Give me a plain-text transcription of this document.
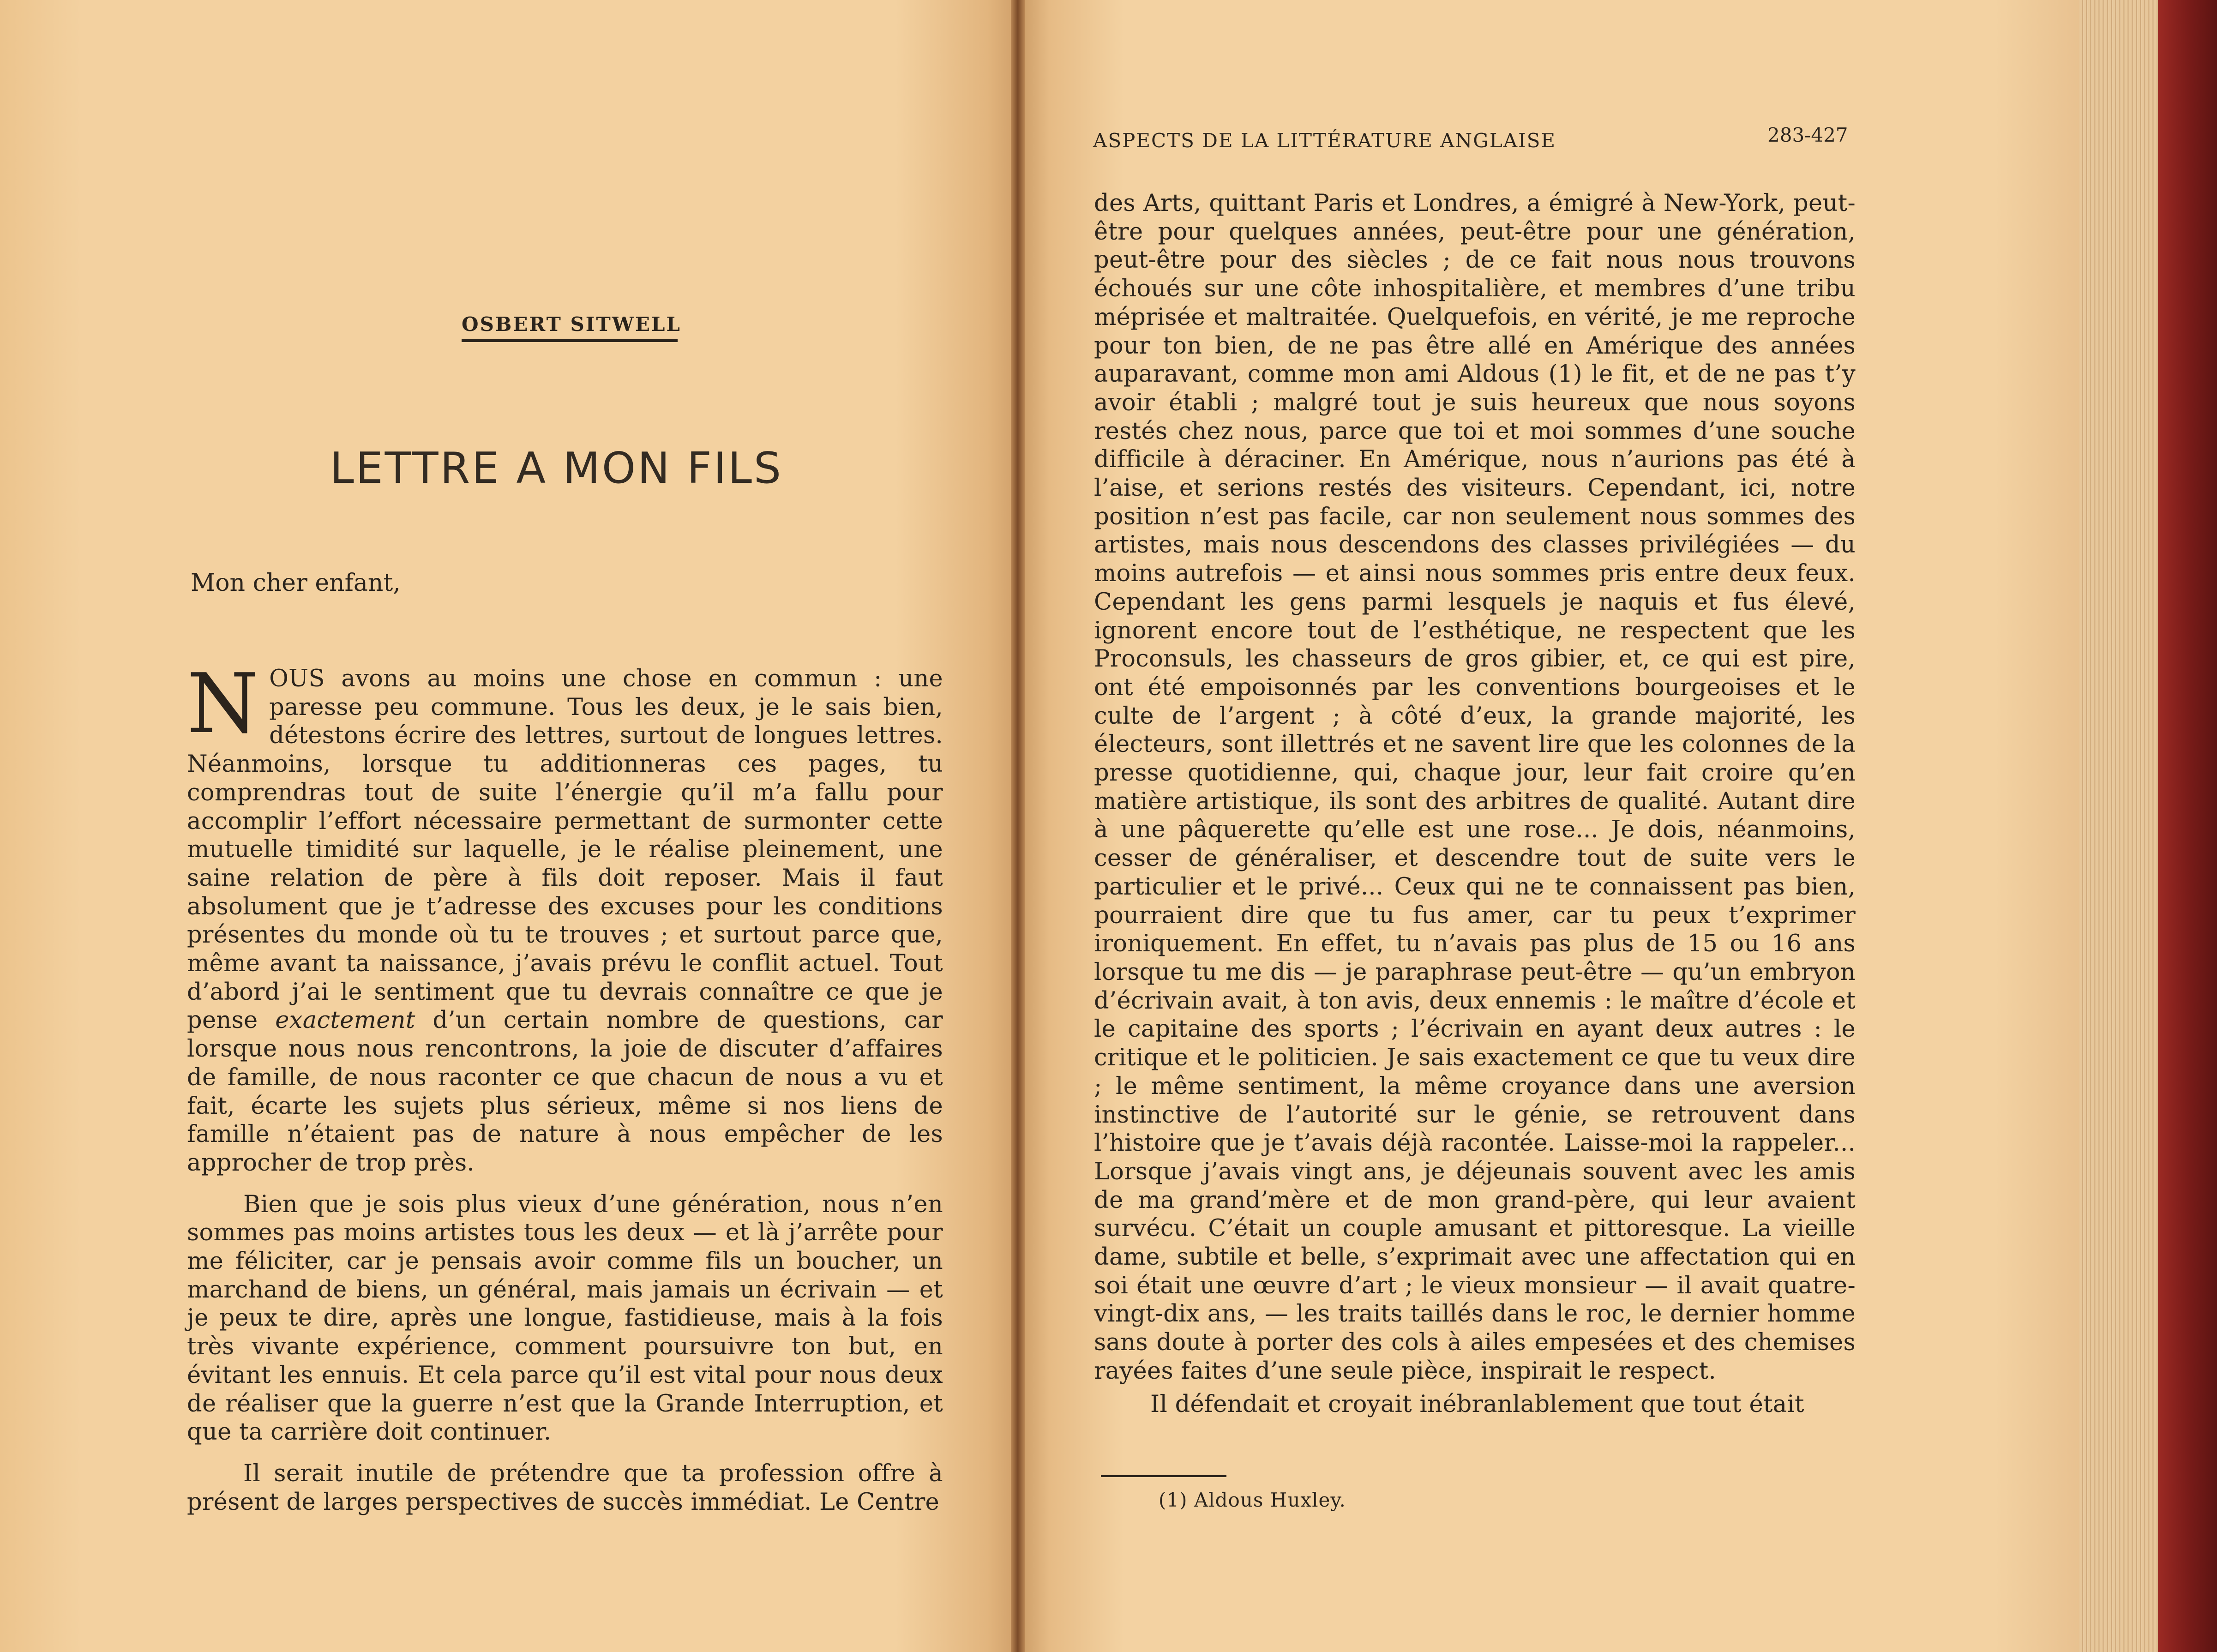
OSBERT SITWELL
LETTRE A MON FILS
Mon cher enfant,

NOUS avons au moins une chose en commun : une paresse peu commune. Tous les deux, je le sais bien, détestons écrire des lettres, surtout de longues lettres. Néanmoins, lorsque tu additionneras ces pages, tu comprendras tout de suite l’énergie qu’il m’a fallu pour accomplir l’effort nécessaire permettant de surmonter cette mutuelle timidité sur laquelle, je le réalise pleinement, une saine relation de père à fils doit reposer. Mais il faut absolument que je t’adresse des excuses pour les conditions présentes du monde où tu te trouves ; et surtout parce que, même avant ta naissance, j’avais prévu le conflit actuel. Tout d’abord j’ai le sentiment que tu devrais connaître ce que je pense exactement d’un certain nombre de questions, car lorsque nous nous rencontrons, la joie de discuter d’affaires de famille, de nous raconter ce que chacun de nous a vu et fait, écarte les sujets plus sérieux, même si nos liens de famille n’étaient pas de nature à nous empêcher de les approcher de trop près.

Bien que je sois plus vieux d’une génération, nous n’en sommes pas moins artistes tous les deux — et là j’arrête pour me féliciter, car je pensais avoir comme fils un boucher, un marchand de biens, un général, mais jamais un écrivain — et je peux te dire, après une longue, fastidieuse, mais à la fois très vivante expérience, comment poursuivre ton but, en évitant les ennuis. Et cela parce qu’il est vital pour nous deux de réaliser que la guerre n’est que la Grande Interruption, et que ta carrière doit continuer.

Il serait inutile de prétendre que ta profession offre à présent de larges perspectives de succès immédiat. Le Centre

ASPECTS DE LA LITTÉRATURE ANGLAISE	283-427

des Arts, quittant Paris et Londres, a émigré à New-York, peut-être pour quelques années, peut-être pour une génération, peut-être pour des siècles ; de ce fait nous nous trouvons échoués sur une côte inhospitalière, et membres d’une tribu méprisée et maltraitée. Quelquefois, en vérité, je me reproche pour ton bien, de ne pas être allé en Amérique des années auparavant, comme mon ami Aldous (1) le fit, et de ne pas t’y avoir établi ; malgré tout je suis heureux que nous soyons restés chez nous, parce que toi et moi sommes d’une souche difficile à déraciner. En Amérique, nous n’aurions pas été à l’aise, et serions restés des visiteurs. Cependant, ici, notre position n’est pas facile, car non seulement nous sommes des artistes, mais nous descendons des classes privilégiées — du moins autrefois — et ainsi nous sommes pris entre deux feux. Cependant les gens parmi lesquels je naquis et fus élevé, ignorent encore tout de l’esthétique, ne respectent que les Proconsuls, les chasseurs de gros gibier, et, ce qui est pire, ont été empoisonnés par les conventions bourgeoises et le culte de l’argent ; à côté d’eux, la grande majorité, les électeurs, sont illettrés et ne savent lire que les colonnes de la presse quotidienne, qui, chaque jour, leur fait croire qu’en matière artistique, ils sont des arbitres de qualité. Autant dire à une pâquerette qu’elle est une rose... Je dois, néanmoins, cesser de généraliser, et descendre tout de suite vers le particulier et le privé... Ceux qui ne te connaissent pas bien, pourraient dire que tu fus amer, car tu peux t’exprimer ironiquement. En effet, tu n’avais pas plus de 15 ou 16 ans lorsque tu me dis — je paraphrase peut-être — qu’un embryon d’écrivain avait, à ton avis, deux ennemis : le maître d’école et le capitaine des sports ; l’écrivain en ayant deux autres : le critique et le politicien. Je sais exactement ce que tu veux dire ; le même sentiment, la même croyance dans une aversion instinctive de l’autorité sur le génie, se retrouvent dans l’histoire que je t’avais déjà racontée. Laisse-moi la rappeler... Lorsque j’avais vingt ans, je déjeunais souvent avec les amis de ma grand’mère et de mon grand-père, qui leur avaient survécu. C’était un couple amusant et pittoresque. La vieille dame, subtile et belle, s’exprimait avec une affectation qui en soi était une œuvre d’art ; le vieux monsieur — il avait quatre-vingt-dix ans, — les traits taillés dans le roc, le dernier homme sans doute à porter des cols à ailes empesées et des chemises rayées faites d’une seule pièce, inspirait le respect.

Il défendait et croyait inébranlablement que tout était

(1) Aldous Huxley.
